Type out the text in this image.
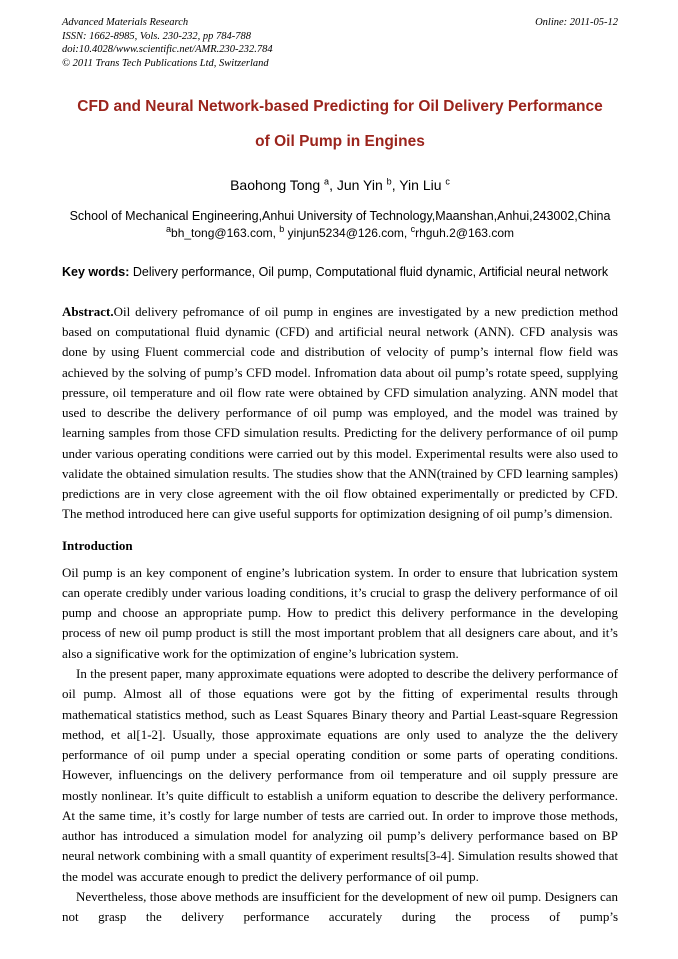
Advanced Materials Research
ISSN: 1662-8985, Vols. 230-232, pp 784-788
doi:10.4028/www.scientific.net/AMR.230-232.784
© 2011 Trans Tech Publications Ltd, Switzerland
Online: 2011-05-12
CFD and Neural Network-based Predicting for Oil Delivery Performance
of Oil Pump in Engines
Baohong Tong $^a$, Jun Yin $^b$, Yin Liu $^c$
School of Mechanical Engineering,Anhui University of Technology,Maanshan,Anhui,243002,China
$^a$bh_tong@163.com, $^b$ yinjun5234@126.com, $^c$rhguh.2@163.com
Key words: Delivery performance, Oil pump, Computational fluid dynamic, Artificial neural network

Abstract.Oil delivery pefromance of oil pump in engines are investigated by a new prediction method based on computational fluid dynamic (CFD) and artificial neural network (ANN). CFD analysis was done by using Fluent commercial code and distribution of velocity of pump’s internal flow field was achieved by the solving of pump’s CFD model. Infromation data about oil pump’s rotate speed, supplying pressure, oil temperature and oil flow rate were obtained by CFD simulation analyzing. ANN model that used to describe the delivery performance of oil pump was employed, and the model was trained by learning samples from those CFD simulation results. Predicting for the delivery performance of oil pump under various operating conditions were carried out by this model. Experimental results were also used to validate the obtained simulation results. The studies show that the ANN(trained by CFD learning samples) predictions are in very close agreement with the oil flow obtained experimentally or predicted by CFD. The method introduced here can give useful supports for optimization designing of oil pump’s dimension.

Introduction

Oil pump is an key component of engine’s lubrication system. In order to ensure that lubrication system can operate credibly under various loading conditions, it’s crucial to grasp the delivery performance of oil pump and choose an appropriate pump. How to predict this delivery performance in the developing process of new oil pump product is still the most important problem that all designers care about, and it’s also a significative work for the optimization of engine’s lubrication system.

In the present paper, many approximate equations were adopted to describe the delivery performance of oil pump. Almost all of those equations were got by the fitting of experimental results through mathematical statistics method, such as Least Squares Binary theory and Partial Least-square Regression method, et al[1-2]. Usually, those approximate equations are only used to analyze the the delivery performance of oil pump under a special operating condition or some parts of operating conditions. However, influencings on the delivery performance from oil temperature and oil supply pressure are mostly nonlinear. It’s quite difficult to establish a uniform equation to describe the delivery performance. At the same time, it’s costly for large number of tests are carried out. In order to improve those methods, author has introduced a simulation model for analyzing oil pump’s delivery performance based on BP neural network combining with a small quantity of experiment results[3-4]. Simulation results showed that the model was accurate enough to predict the delivery performance of oil pump.

Nevertheless, those above methods are insufficient for the development of new oil pump. Designers can not grasp the delivery performance accurately during the process of pump’s
